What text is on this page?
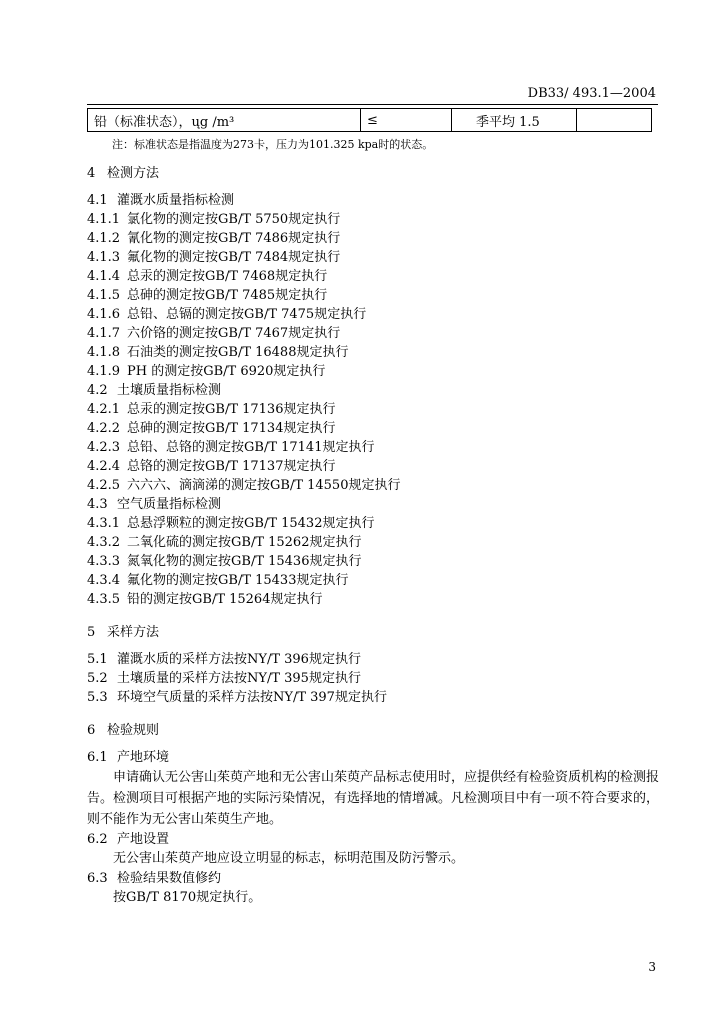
DB33/ 493.1—2004
铅（标准状态），ųg /m³	≤	季平均 1.5	
注：标准状态是指温度为273卡，压力为101.325 kpa时的状态。
4 检测方法
4.1 灌溉水质量指标检测
4.1.1 氯化物的测定按GB/T 5750规定执行
4.1.2 氰化物的测定按GB/T 7486规定执行
4.1.3 氟化物的测定按GB/T 7484规定执行
4.1.4 总汞的测定按GB/T 7468规定执行
4.1.5 总砷的测定按GB/T 7485规定执行
4.1.6 总铅、总镉的测定按GB/T 7475规定执行
4.1.7 六价铬的测定按GB/T 7467规定执行
4.1.8 石油类的测定按GB/T 16488规定执行
4.1.9 PH 的测定按GB/T 6920规定执行
4.2 土壤质量指标检测
4.2.1 总汞的测定按GB/T 17136规定执行
4.2.2 总砷的测定按GB/T 17134规定执行
4.2.3 总铅、总铬的测定按GB/T 17141规定执行
4.2.4 总铬的测定按GB/T 17137规定执行
4.2.5 六六六、滴滴涕的测定按GB/T 14550规定执行
4.3 空气质量指标检测
4.3.1 总悬浮颗粒的测定按GB/T 15432规定执行
4.3.2 二氧化硫的测定按GB/T 15262规定执行
4.3.3 氮氧化物的测定按GB/T 15436规定执行
4.3.4 氟化物的测定按GB/T 15433规定执行
4.3.5 铅的测定按GB/T 15264规定执行
5 采样方法
5.1 灌溉水质的采样方法按NY/T 396规定执行
5.2 土壤质量的采样方法按NY/T 395规定执行
5.3 环境空气质量的采样方法按NY/T 397规定执行
6 检验规则
6.1 产地环境
申请确认无公害山茱萸产地和无公害山茱萸产品标志使用时，应提供经有检验资质机构的检测报告。检测项目可根据产地的实际污染情况，有选择地的情增减。凡检测项目中有一项不符合要求的，则不能作为无公害山茱萸生产地。
6.2 产地设置
无公害山茱萸产地应设立明显的标志，标明范围及防污警示。
6.3 检验结果数值修约
按GB/T 8170规定执行。
3
